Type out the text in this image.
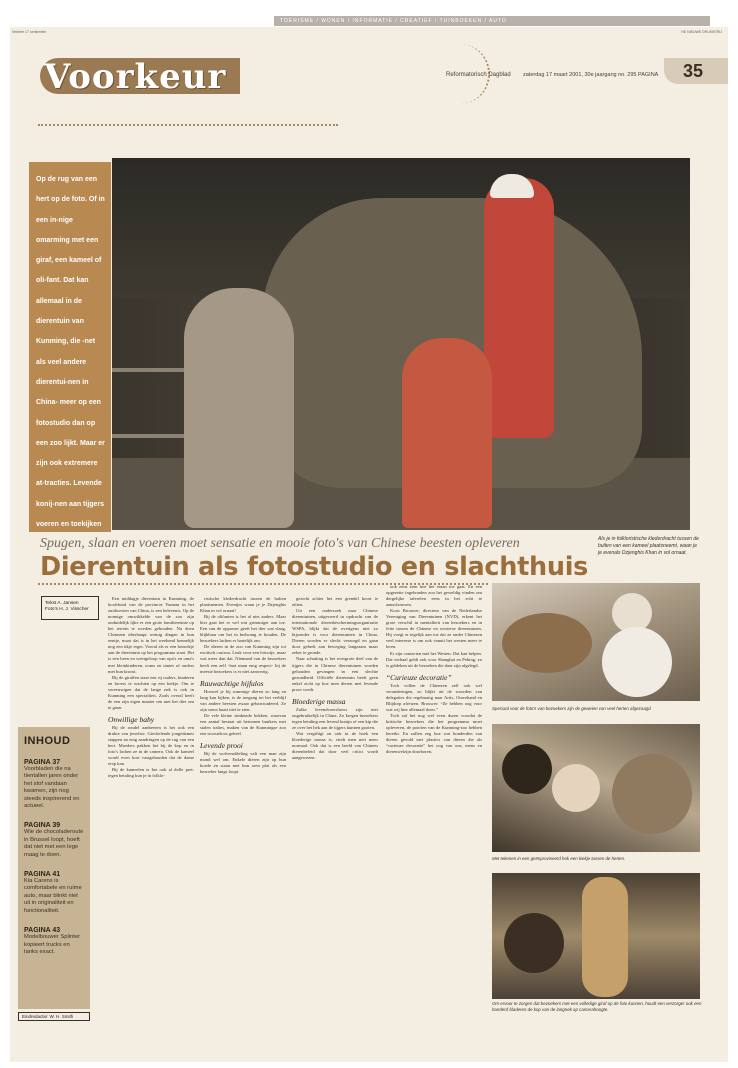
Verkeer 17 centimeter	HE NIEUWE DRUKKERIJ
TOERISME / WONEN / INFORMATIE / CREATIEF / TUINBOEKEN / AUTO
Voorkeur	Reformatorisch Dagblad zaterdag 17 maart 2001, 30e jaargang no. 295 PAGINA 35
Op de rug van een hert op de foto. Of in een in-nige omarming met een giraf, een kameel of oli-fant. Dat kan allemaal in de dierentuin van Kunming, die -net als veel andere dierentui-nen in China- meer op een fotostudio dan op een zoo lijkt. Maar er zijn ook extremere at-tracties. Levende konij-nen aan tijgers voeren en toekijken
Als je in folkloristische klederdracht tussen de bulten van een kameel plaatsneemt, waan je je evenals Dzjenghis Khan in vol ornaat.
Spugen, slaan en voeren moet sensatie en mooie foto's van Chinese beesten opleveren
Dierentuin als fotostudio en slachthuis
Tekst A. Jansen
Foto's H. J. Visscher

Een middagje dierentuin in Kunming, de hoofdstad van de provincie Yunnan in het zuidwesten van China, is een belevenis. Op de nonnige omwikkelde van de zoo zijn onduidelijk lijke er een grote familiereünie op het terrein te worden gehouden. Nu doen Chinezen überhaupt weinig dingen in hun eentje, maar dat is in het weekend kennelijk nog een tikje erger. Vooral als er een bezoekje aan de dierentuin op het programma staat. Het is een heen en weergeloop van opa's en oma's met kleinkinderen, ooms en tantes of ouders met hun kroost.

Bij de giraffen staat een rij ouders, kinderen en broers te wachten op een kiekje. Om te vereeuwigen dat de lange nek is ook in Kunming een specialiteit. Zoals overal heeft de een zijn eigen manier om met het dier om te gaan.

Onwillige baby

Bij de rondel aanbeeren is het ook een drukte van jewelste. Giechelende jongedames stappen na enig aandringen op de rug van een hert. Moeders pakken het bij de kop en in foto's lachen ze in de camera. Ook de kameel wordt even kort vastgehouden dat de dame erop kan.

Bij de kameelen is het ook al dolle pret: tegen betaling kun je in folklo-

ristische klederdracht tussen de bulten plaatsnemen. Eventjes waan je je Dzjenghis Khan in vol ornaat!

Bij de olifanten is het al niet anders. Maar hier gaat het er wel wat grimmiger aan toe. Een van de oppasser geeft het dier wat slaag, blijkbaar om het in bedwang te houden. De bezoekers lachen er hartelijk om.

De dieren in de zoo van Kunming zijn tot exotisch curiosa. Leuk voor een fotootje, maar wat meer dan dat. Niemand van de bezoekers heeft een zelf -laat staan enig respect- bij de meeste bezoekers is er niet aanwezig.

Rauwachtige hijfulos

Hoewel je bij sommige dieren zo lang en lang kan kijken, is de toegang tot het verblijf van andere beesten zwaar gebarricadeerd. Ze zijn soms haast niet te zien.

De vele kleine stinkende hokken, waarvan een aantal bestaat uit betonnen bunkers met stalen tralies, maken van de Kunmingse zoo een troosteloos geheel.

Levende prooi

Bij de wolvenafdeling valt een man zijn mond wel om. Enkele dieren zijn op hun hoede en staan met hun oren plat als een bezoeker langs loopt.

gezicht achter het een grendel hoort te zitten.

Uit een onderzoek naar Chinese dierentuinen, uitgevoerd in opdracht van de internationale dierenbeschermingsorganisatie WSPA, blijkt dat de overigens niet zo bijzonder is voor dierentuinen in China. Dieren worden er slecht verzorgd en gaan door gebrek aan beweging langzaam maar zeker te gronde.

Naar schatting is het overgrote deel van de tijgers die in Chinese dierentuinen worden gehouden gevangen in een slechte gezondheid. Officiële dierentuin heeft geen enkel zicht op hoe men dieren met levende prooi voedt.

Bloederige massa

Zulke levendvoershows zijn niet ongebruikelijk in China. Zo kregen bezoekers tegen betaling een levend konijn of een kip die ze over het hek aan de tijgers kunnen gooien.

Wat vergiftigt en ook in de hoek een bloederige massa is, vindt men niet meer normaal. Ook dat is een beeld van Chinees dierenbeleid dat door veel critici wordt aangewezen.

ook eens zien hoe het eraan toe gaat. En een opgezette ingebonden zou het geweldig vinden om dergelijke taferelen eens in het echt te aanschouwen.

Koos Brouwer, directeur van de Nederlandse Vereniging van Dierentuinen (NVD), erkent het grote verschil in mentaliteit van bezoekers en in feite tussen de Chinese en westerse dierentuinen. Hij voegt er tegelijk aan toe dat ze onder Chinezen veel interesse is om ook vanuit het westen meer te leren.

Er zijn contacten met het Westen. Dat kan helpen. Dat verhaal geldt ook voor Shanghai en Peking, zo is gebleken uit de bezoeken die daar zijn afgelegd.

“Curieuze decoratie”

Toch willen de Chinezen zelf ook wel veranderingen, zo blijkt uit de woorden van delegaties die regelmatig naar Artis, Ouwehand en Blijdorp afreizen. Brouwer: “Ze hebben oog voor wat wij hier allemaal doen.”

Toch zal het nog wel even duren voordat de kritische bezoekers die het programma moet opleveren, de poorten van de Kunming-zoo hebben bereikt. En zullen zeg hoe wat honderden van dieren gevuld met plastics van dieren die als “curieuze decoratie” het oog van ons, mens en dierenwelzijn doorboren.

Speciaal voor de foto's van bezoekers zijn de geweien van veel herten afgezaagd.
Met tekenen in een geïmproviseerd hok een kiekje tussen de herten.
Om ervoor te zorgen dat bezoekers met een volledige giraf op de foto kunnen, houdt een verzorger ook een honderd bladeren de kop van de langnek op camerahoogte.
INHOUD
PAGINA 37
Voorbladen die na tientallen jaren onder het stof vandaan kwamen, zijn nog steeds inspirerend en actueel.
PAGINA 39
Wie de chocoladeroute in Brussel loopt, hoeft dat niet met een lege maag te doen.
PAGINA 41
Kia Carens is comfortabele en ruime auto, maar blinkt niet uit in originaliteit en functionaliteit.
PAGINA 43
Modelbouwer Splinter kopieert trucks en tanks exact.
Eindredactie: W. H. Smith
